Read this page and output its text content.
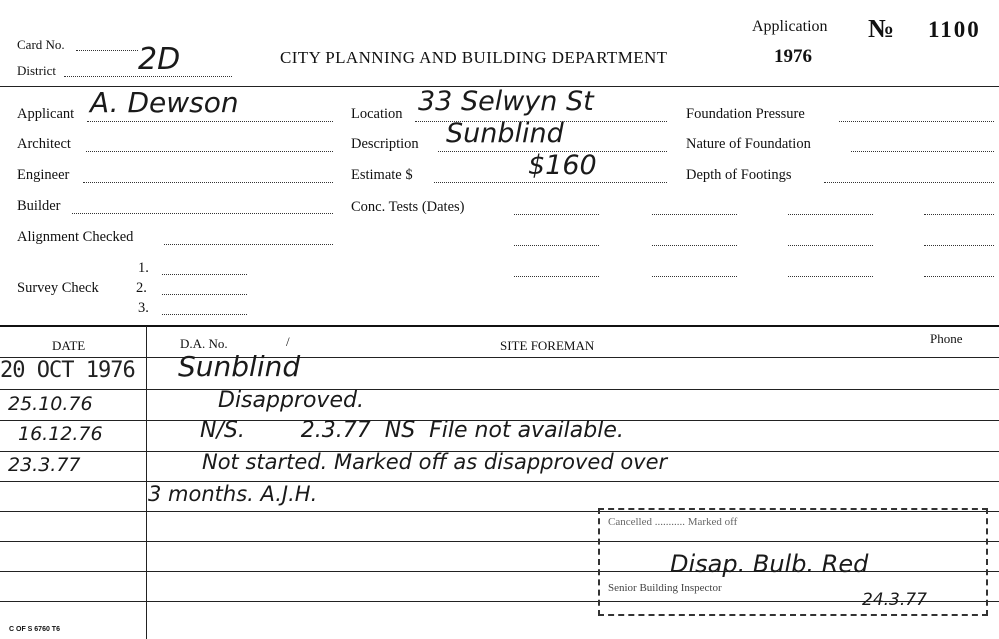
Card No.
District	2D	CITY PLANNING AND BUILDING DEPARTMENT
Application № 1100
1976
Applicant A. Dewson
Architect
Engineer
Builder
Alignment Checked
Survey Check
1.
2.
3.
Location 33 Selwyn St
Description Sunblind
Estimate $	$160
Conc. Tests (Dates)
Foundation Pressure
Nature of Foundation
Depth of Footings
DATE	D.A. No.	/	SITE FOREMAN	Phone
20 OCT 1976 Sunblind
25.10.76	Disapproved.
16.12.76	N/S.        2.3.77  NS  File not available.
23.3.77	Not started. Marked off as disapproved over
3 months. A.J.H.
Cancelled ........... Marked off
Senior Building Inspector
Disap. Bulb. Red
24.3.77
C OF S 6760 T6
